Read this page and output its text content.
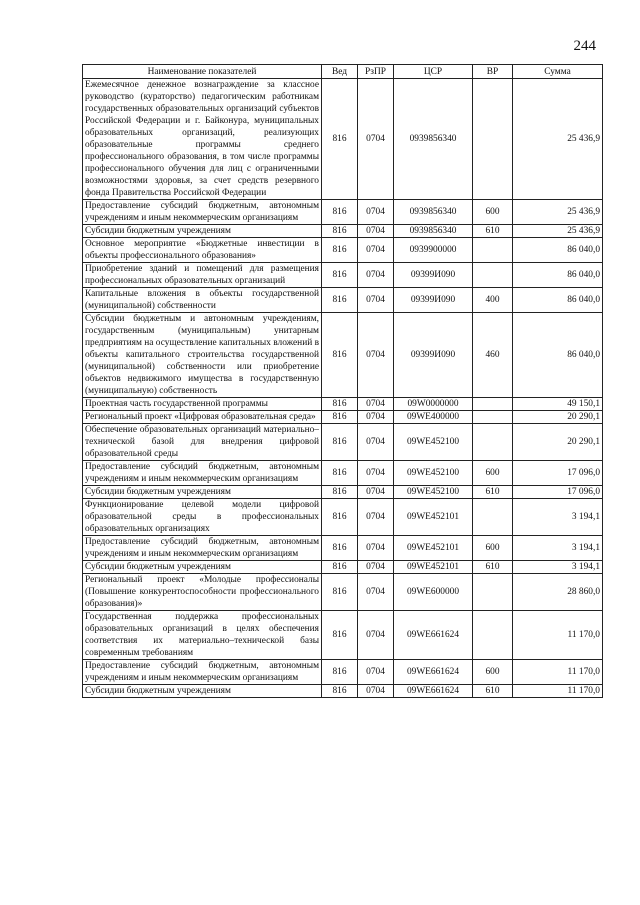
244
Наименование показателей	Вед	РзПР	ЦСР	ВР	Сумма
Ежемесячное денежное вознаграждение за классное руководство (кураторство) педагогическим работникам государственных образовательных организаций субъектов Российской Федерации и г. Байконура, муниципальных образовательных организаций, реализующих образовательные программы среднего профессионального образования, в том числе программы профессионального обучения для лиц с ограниченными возможностями здоровья, за счет средств резервного фонда Правительства Российской Федерации	816	0704	0939856340		25 436,9
Предоставление субсидий бюджетным, автономным учреждениям и иным некоммерческим организациям	816	0704	0939856340	600	25 436,9
Субсидии бюджетным учреждениям	816	0704	0939856340	610	25 436,9
Основное мероприятие «Бюджетные инвестиции в объекты профессионального образования»	816	0704	0939900000		86 040,0
Приобретение зданий и помещений для размещения профессиональных образовательных организаций	816	0704	09399И090		86 040,0
Капитальные вложения в объекты государственной (муниципальной) собственности	816	0704	09399И090	400	86 040,0
Субсидии бюджетным и автономным учреждениям, государственным (муниципальным) унитарным предприятиям на осуществление капитальных вложений в объекты капитального строительства государственной (муниципальной) собственности или приобретение объектов недвижимого имущества в государственную (муниципальную) собственность	816	0704	09399И090	460	86 040,0
Проектная часть государственной программы	816	0704	09W0000000		49 150,1
Региональный проект «Цифровая образовательная среда»	816	0704	09WE400000		20 290,1
Обеспечение образовательных организаций материально–технической базой для внедрения цифровой образовательной среды	816	0704	09WE452100		20 290,1
Предоставление субсидий бюджетным, автономным учреждениям и иным некоммерческим организациям	816	0704	09WE452100	600	17 096,0
Субсидии бюджетным учреждениям	816	0704	09WE452100	610	17 096,0
Функционирование целевой модели цифровой образовательной среды в профессиональных образовательных организациях	816	0704	09WE452101		3 194,1
Предоставление субсидий бюджетным, автономным учреждениям и иным некоммерческим организациям	816	0704	09WE452101	600	3 194,1
Субсидии бюджетным учреждениям	816	0704	09WE452101	610	3 194,1
Региональный проект «Молодые профессионалы (Повышение конкурентоспособности профессионального образования)»	816	0704	09WE600000		28 860,0
Государственная поддержка профессиональных образовательных организаций в целях обеспечения соответствия их материально–технической базы современным требованиям	816	0704	09WE661624		11 170,0
Предоставление субсидий бюджетным, автономным учреждениям и иным некоммерческим организациям	816	0704	09WE661624	600	11 170,0
Субсидии бюджетным учреждениям	816	0704	09WE661624	610	11 170,0
